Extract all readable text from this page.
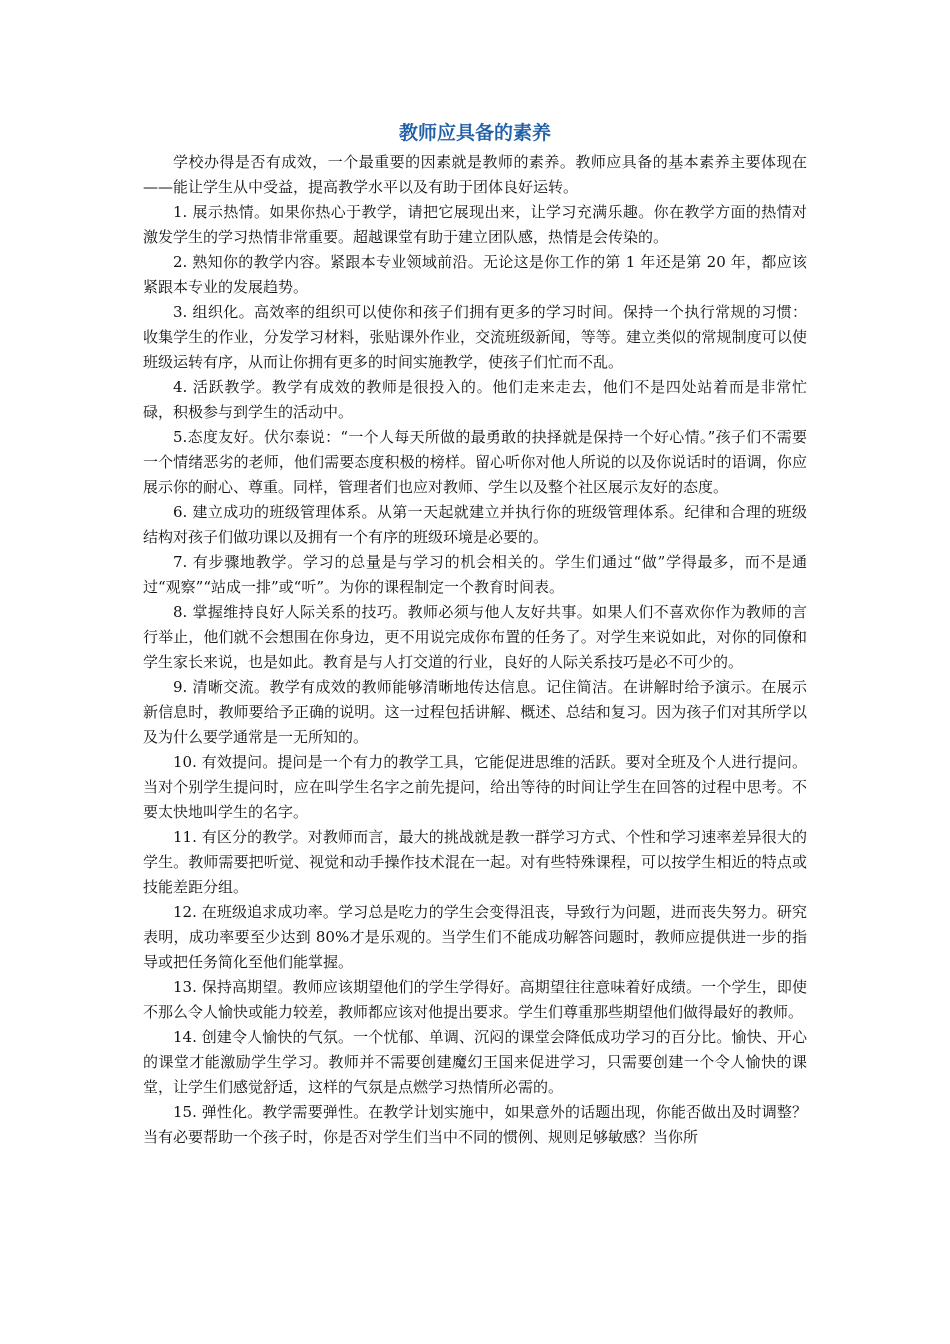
教师应具备的素养

学校办得是否有成效，一个最重要的因素就是教师的素养。教师应具备的基本素养主要体现在——能让学生从中受益，提高教学水平以及有助于团体良好运转。

1. 展示热情。如果你热心于教学，请把它展现出来，让学习充满乐趣。你在教学方面的热情对激发学生的学习热情非常重要。超越课堂有助于建立团队感，热情是会传染的。

2. 熟知你的教学内容。紧跟本专业领域前沿。无论这是你工作的第 1 年还是第 20 年，都应该紧跟本专业的发展趋势。

3. 组织化。高效率的组织可以使你和孩子们拥有更多的学习时间。保持一个执行常规的习惯：收集学生的作业，分发学习材料，张贴课外作业，交流班级新闻，等等。建立类似的常规制度可以使班级运转有序，从而让你拥有更多的时间实施教学，使孩子们忙而不乱。

4. 活跃教学。教学有成效的教师是很投入的。他们走来走去，他们不是四处站着而是非常忙碌，积极参与到学生的活动中。

5.态度友好。伏尔泰说：“一个人每天所做的最勇敢的抉择就是保持一个好心情。”孩子们不需要一个情绪恶劣的老师，他们需要态度积极的榜样。留心听你对他人所说的以及你说话时的语调，你应展示你的耐心、尊重。同样，管理者们也应对教师、学生以及整个社区展示友好的态度。

6. 建立成功的班级管理体系。从第一天起就建立并执行你的班级管理体系。纪律和合理的班级结构对孩子们做功课以及拥有一个有序的班级环境是必要的。

7. 有步骤地教学。学习的总量是与学习的机会相关的。学生们通过“做”学得最多，而不是通过“观察”“站成一排”或“听”。为你的课程制定一个教育时间表。

8. 掌握维持良好人际关系的技巧。教师必须与他人友好共事。如果人们不喜欢你作为教师的言行举止，他们就不会想围在你身边，更不用说完成你布置的任务了。对学生来说如此，对你的同僚和学生家长来说，也是如此。教育是与人打交道的行业，良好的人际关系技巧是必不可少的。

9. 清晰交流。教学有成效的教师能够清晰地传达信息。记住简洁。在讲解时给予演示。在展示新信息时，教师要给予正确的说明。这一过程包括讲解、概述、总结和复习。因为孩子们对其所学以及为什么要学通常是一无所知的。

10. 有效提问。提问是一个有力的教学工具，它能促进思维的活跃。要对全班及个人进行提问。当对个别学生提问时，应在叫学生名字之前先提问，给出等待的时间让学生在回答的过程中思考。不要太快地叫学生的名字。

11. 有区分的教学。对教师而言，最大的挑战就是教一群学习方式、个性和学习速率差异很大的学生。教师需要把听觉、视觉和动手操作技术混在一起。对有些特殊课程，可以按学生相近的特点或技能差距分组。

12. 在班级追求成功率。学习总是吃力的学生会变得沮丧，导致行为问题，进而丧失努力。研究表明，成功率要至少达到 80%才是乐观的。当学生们不能成功解答问题时，教师应提供进一步的指导或把任务简化至他们能掌握。

13. 保持高期望。教师应该期望他们的学生学得好。高期望往往意味着好成绩。一个学生，即使不那么令人愉快或能力较差，教师都应该对他提出要求。学生们尊重那些期望他们做得最好的教师。

14. 创建令人愉快的气氛。一个忧郁、单调、沉闷的课堂会降低成功学习的百分比。愉快、开心的课堂才能激励学生学习。教师并不需要创建魔幻王国来促进学习，只需要创建一个令人愉快的课堂，让学生们感觉舒适，这样的气氛是点燃学习热情所必需的。

15. 弹性化。教学需要弹性。在教学计划实施中，如果意外的话题出现，你能否做出及时调整？当有必要帮助一个孩子时，你是否对学生们当中不同的惯例、规则足够敏感？当你所
